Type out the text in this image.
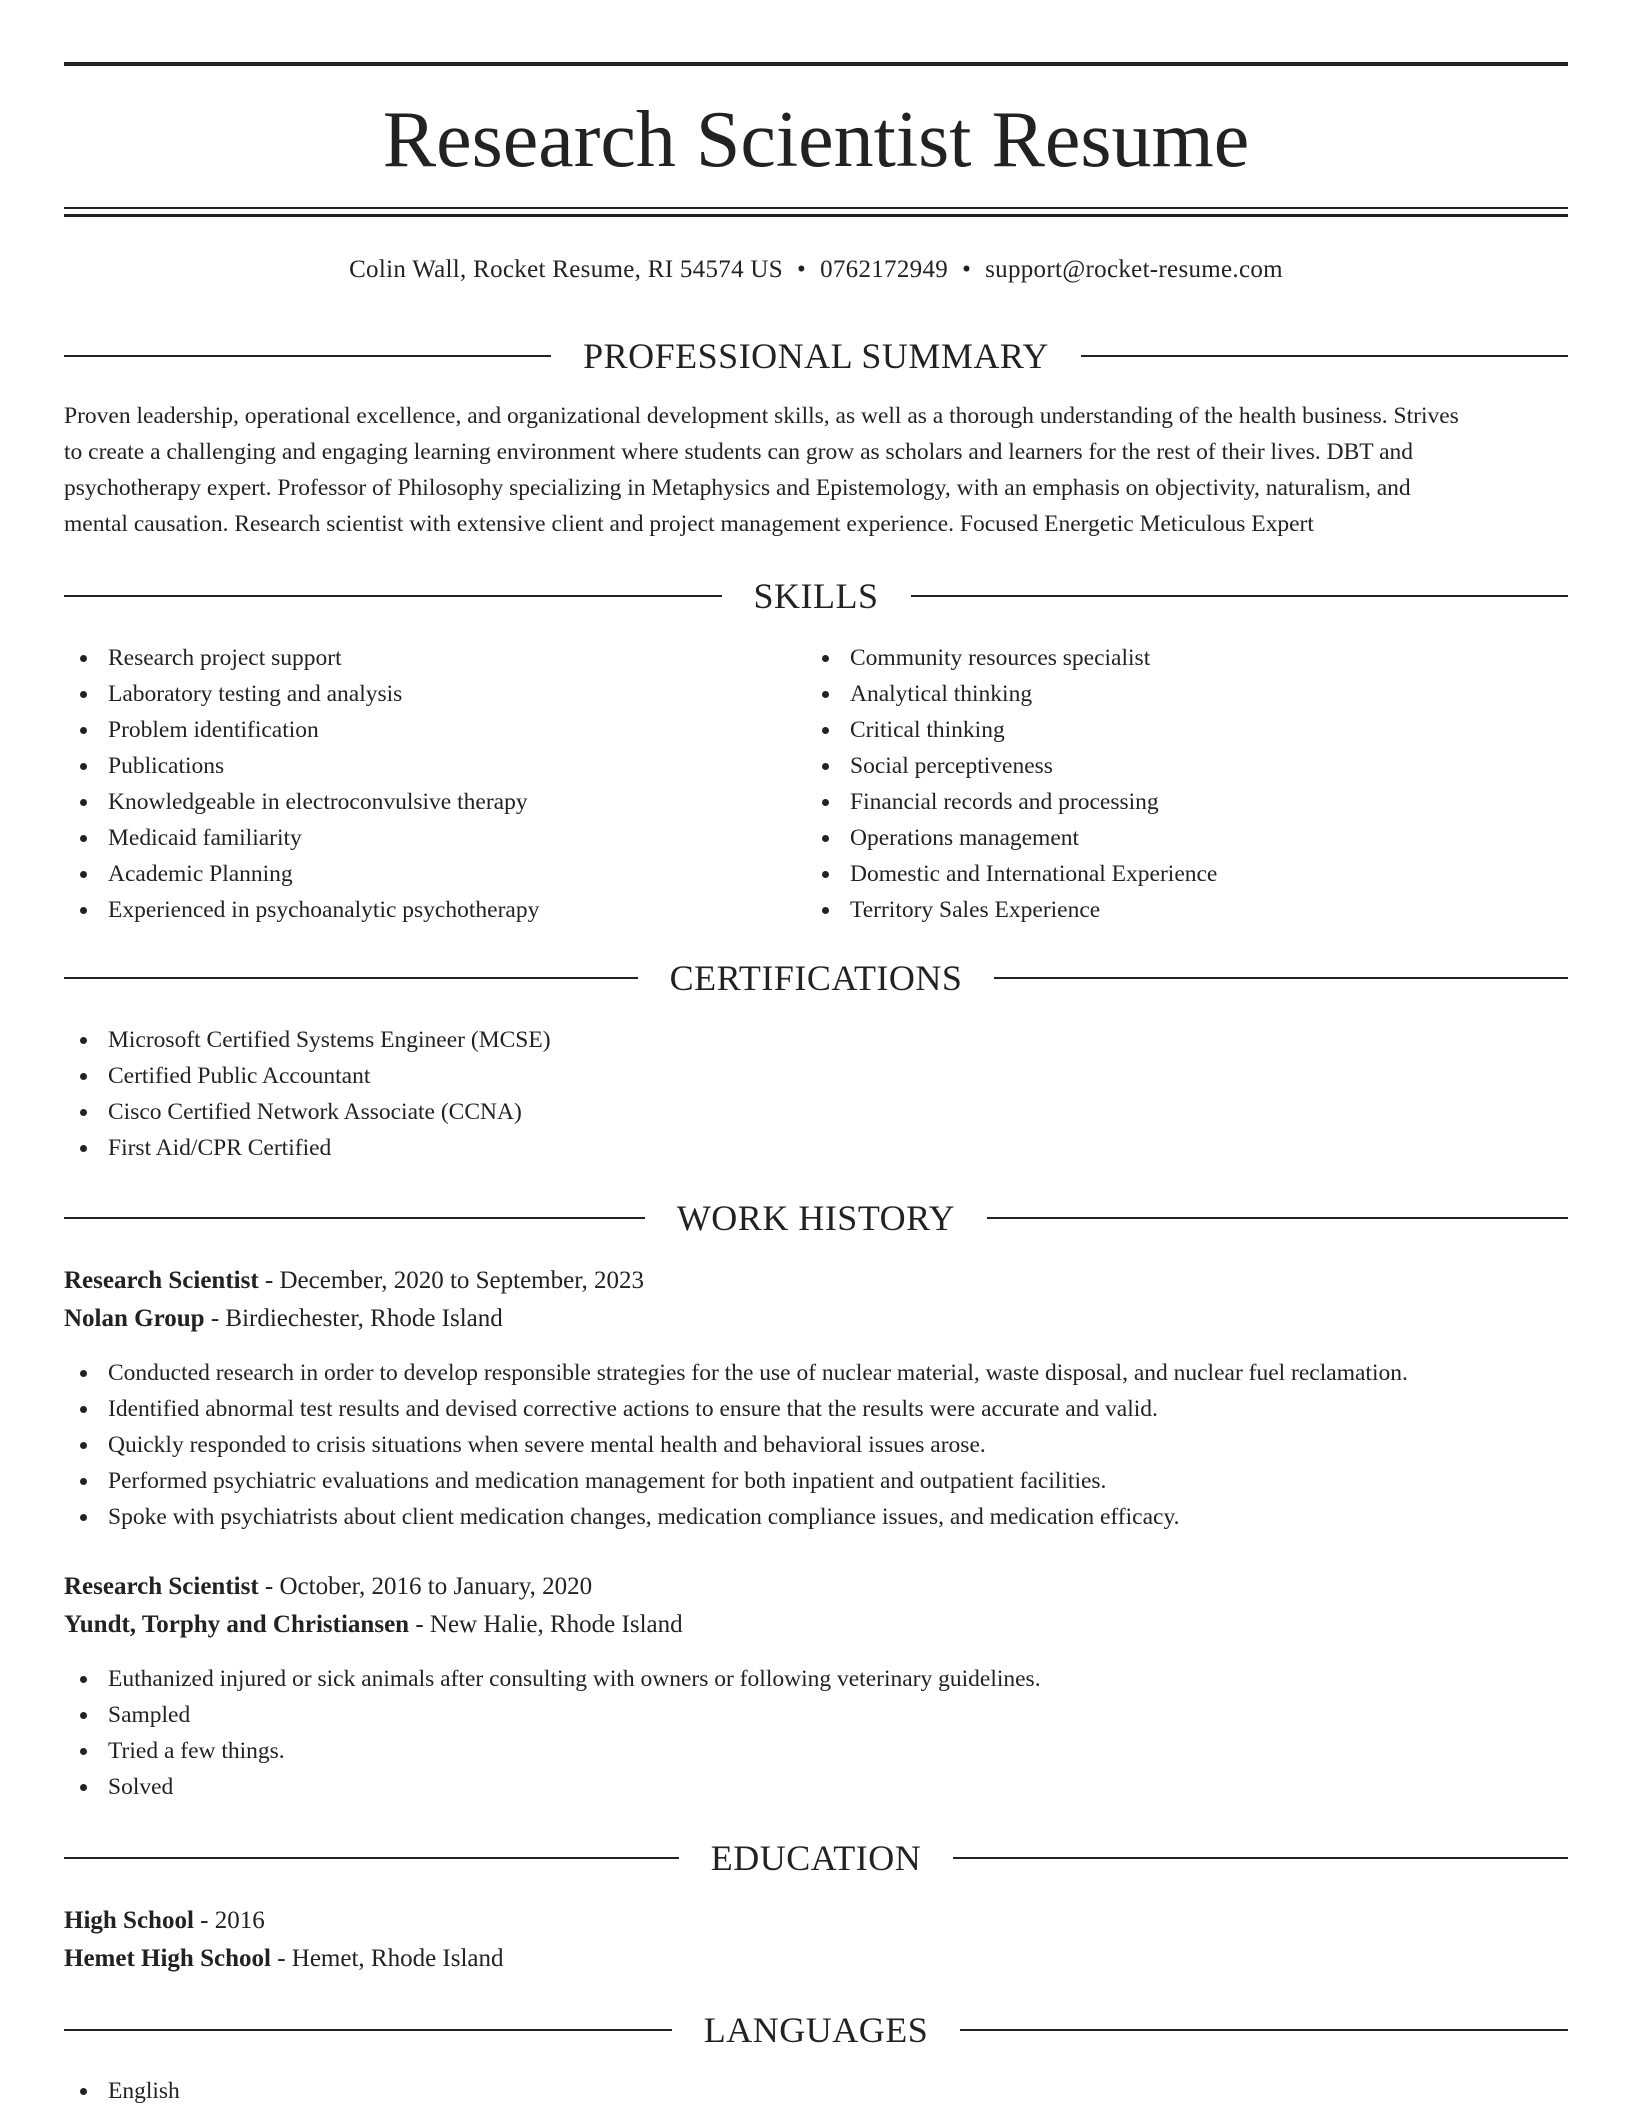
Research Scientist Resume
Colin Wall, Rocket Resume, RI 54574 US • 0762172949 • support@rocket-resume.com
PROFESSIONAL SUMMARY
Proven leadership, operational excellence, and organizational development skills, as well as a thorough understanding of the health business. Strives
to create a challenging and engaging learning environment where students can grow as scholars and learners for the rest of their lives. DBT and
psychotherapy expert. Professor of Philosophy specializing in Metaphysics and Epistemology, with an emphasis on objectivity, naturalism, and
mental causation. Research scientist with extensive client and project management experience. Focused Energetic Meticulous Expert
SKILLS
Research project support
Laboratory testing and analysis
Problem identification
Publications
Knowledgeable in electroconvulsive therapy
Medicaid familiarity
Academic Planning
Experienced in psychoanalytic psychotherapy
Community resources specialist
Analytical thinking
Critical thinking
Social perceptiveness
Financial records and processing
Operations management
Domestic and International Experience
Territory Sales Experience
CERTIFICATIONS
Microsoft Certified Systems Engineer (MCSE)
Certified Public Accountant
Cisco Certified Network Associate (CCNA)
First Aid/CPR Certified
WORK HISTORY
Research Scientist - December, 2020 to September, 2023
Nolan Group - Birdiechester, Rhode Island
Conducted research in order to develop responsible strategies for the use of nuclear material, waste disposal, and nuclear fuel reclamation.
Identified abnormal test results and devised corrective actions to ensure that the results were accurate and valid.
Quickly responded to crisis situations when severe mental health and behavioral issues arose.
Performed psychiatric evaluations and medication management for both inpatient and outpatient facilities.
Spoke with psychiatrists about client medication changes, medication compliance issues, and medication efficacy.
Research Scientist - October, 2016 to January, 2020
Yundt, Torphy and Christiansen - New Halie, Rhode Island
Euthanized injured or sick animals after consulting with owners or following veterinary guidelines.
Sampled
Tried a few things.
Solved
EDUCATION
High School - 2016
Hemet High School - Hemet, Rhode Island
LANGUAGES
English
